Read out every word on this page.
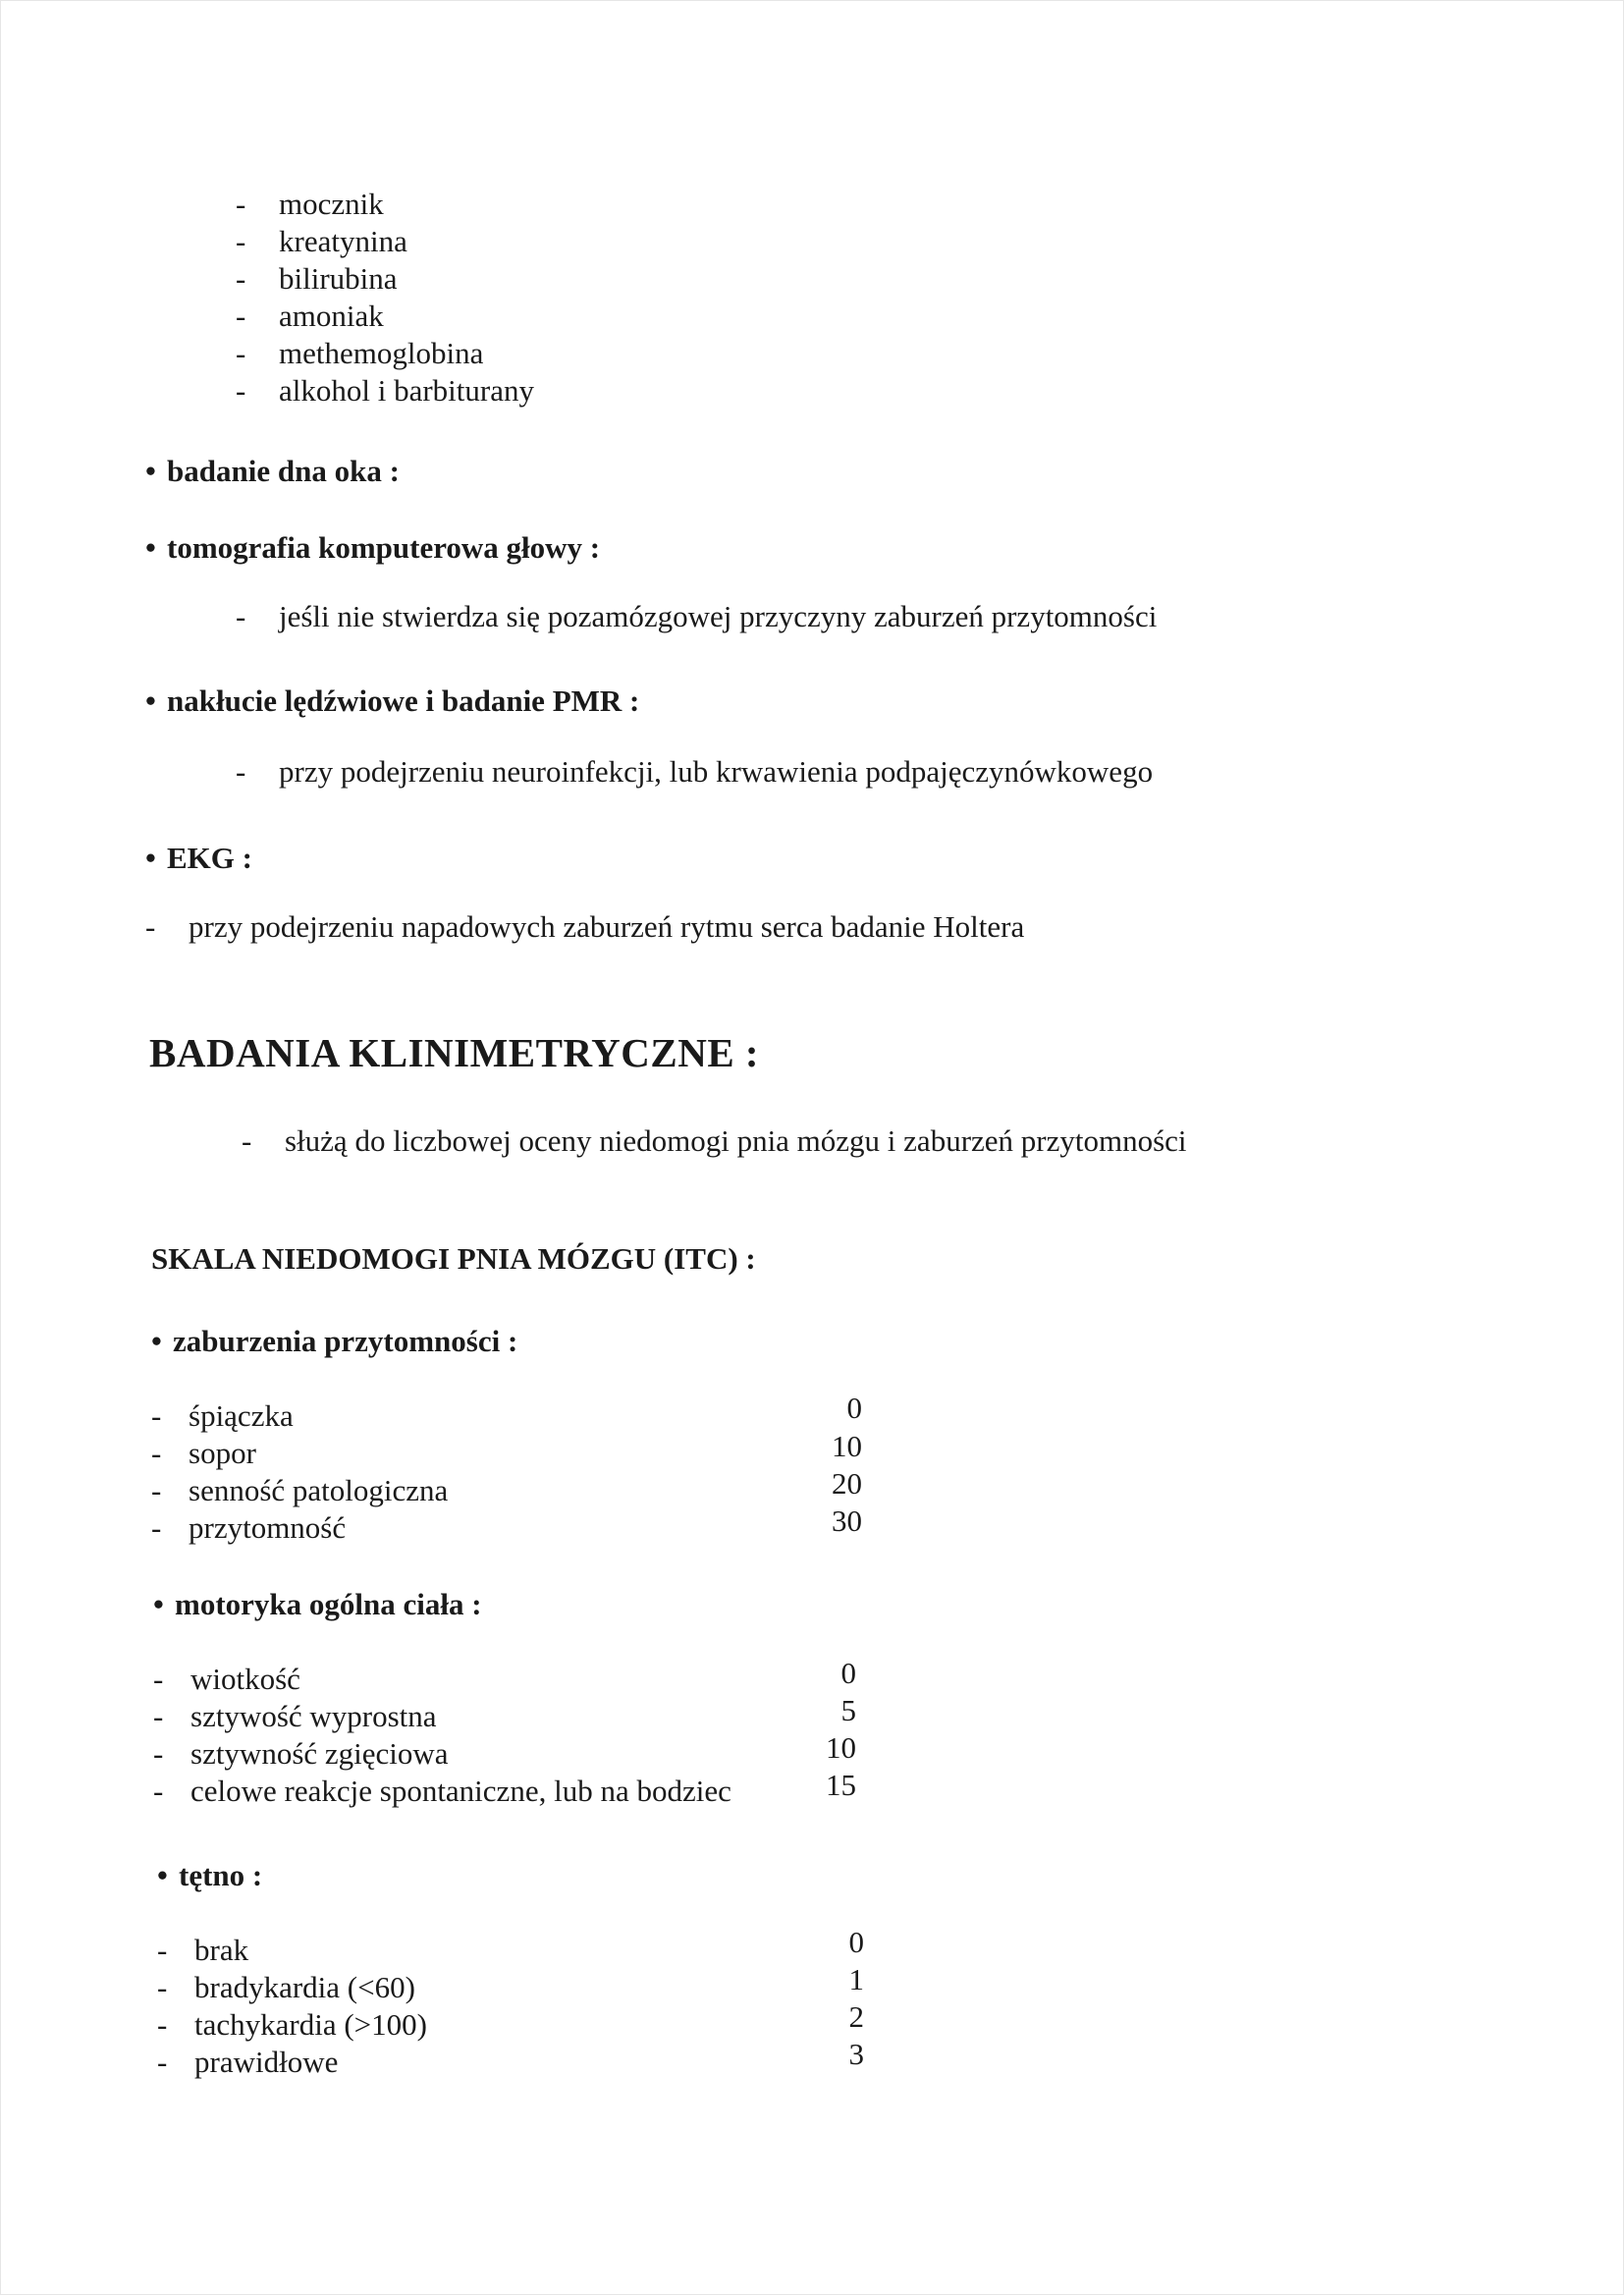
- mocznik
- kreatynina
- bilirubina
- amoniak
- methemoglobina
- alkohol i barbiturany
• badanie dna oka :
• tomografia komputerowa głowy :
- jeśli nie stwierdza się pozamózgowej przyczyny zaburzeń przytomności
• nakłucie lędźwiowe i badanie PMR :
- przy podejrzeniu neuroinfekcji, lub krwawienia podpajęczynówkowego
• EKG :
- przy podejrzeniu napadowych zaburzeń rytmu serca badanie Holtera
BADANIA KLINIMETRYCZNE :
- służą do liczbowej oceny niedomogi pnia mózgu i zaburzeń przytomności
SKALA NIEDOMOGI PNIA MÓZGU (ITC) :
• zaburzenia przytomności :
- śpiączka	0
- sopor	10
- senność patologiczna	20
- przytomność	30
• motoryka ogólna ciała :
- wiotkość	0
- sztywość wyprostna	5
- sztywność zgięciowa	10
- celowe reakcje spontaniczne, lub na bodziec	15
• tętno :
- brak	0
- bradykardia (<60)	1
- tachykardia (>100)	2
- prawidłowe	3
